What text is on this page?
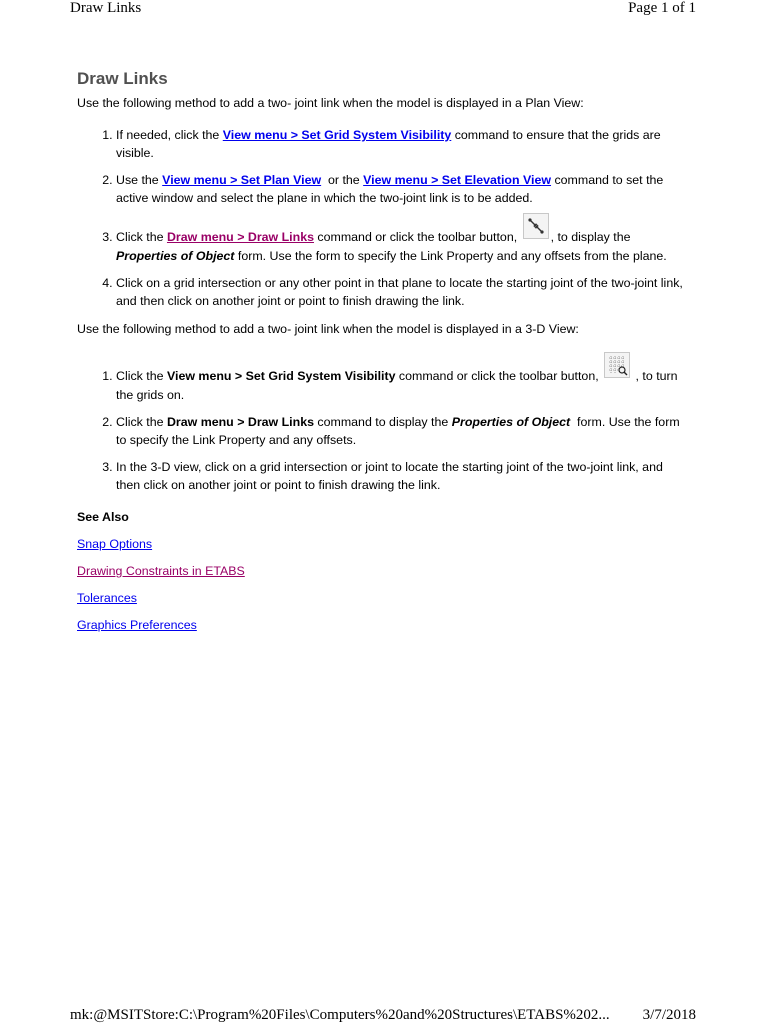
Draw Links	Page 1 of 1
Draw Links

Use the following method to add a two- joint link when the model is displayed in a Plan View:

1. If needed, click the View menu > Set Grid System Visibility command to ensure that the grids are visible.
2. Use the View menu > Set Plan View  or the View menu > Set Elevation View command to set the active window and select the plane in which the two-joint link is to be added.
3. Click the Draw menu > Draw Links command or click the toolbar button,
, to display the Properties of Object form. Use the form to specify the Link Property and any offsets from the plane.
4. Click on a grid intersection or any other point in that plane to locate the starting joint of the two-joint link, and then click on another joint or point to finish drawing the link.

Use the following method to add a two- joint link when the model is displayed in a 3-D View:

1. Click the View menu > Set Grid System Visibility command or click the toolbar button,
, to turn the grids on.
2. Click the Draw menu > Draw Links command to display the Properties of Object  form. Use the form to specify the Link Property and any offsets.
3. In the 3-D view, click on a grid intersection or joint to locate the starting joint of the two-joint link, and then click on another joint or point to finish drawing the link.
See Also
Snap Options
Drawing Constraints in ETABS
Tolerances
Graphics Preferences
mk:@MSITStore:C:\Program%20Files\Computers%20and%20Structures\ETABS%202...	3/7/2018
